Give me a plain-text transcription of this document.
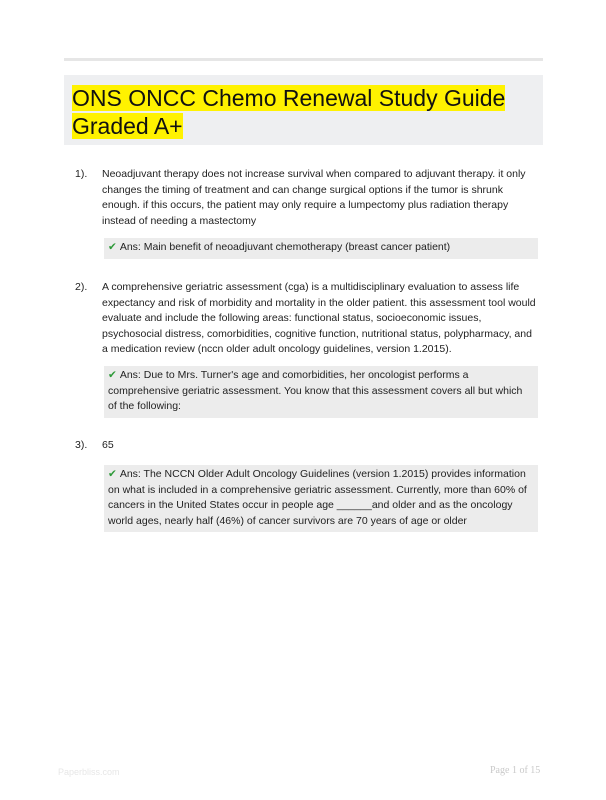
ONS ONCC Chemo Renewal Study Guide Graded A+
1). Neoadjuvant therapy does not increase survival when compared to adjuvant therapy. it only changes the timing of treatment and can change surgical options if the tumor is shrunk enough. if this occurs, the patient may only require a lumpectomy plus radiation therapy instead of needing a mastectomy

✔ Ans: Main benefit of neoadjuvant chemotherapy (breast cancer patient)
2). A comprehensive geriatric assessment (cga) is a multidisciplinary evaluation to assess life expectancy and risk of morbidity and mortality in the older patient. this assessment tool would evaluate and include the following areas: functional status, socioeconomic issues, psychosocial distress, comorbidities, cognitive function, nutritional status, polypharmacy, and a medication review (nccn older adult oncology guidelines, version 1.2015).

✔ Ans: Due to Mrs. Turner's age and comorbidities, her oncologist performs a comprehensive geriatric assessment. You know that this assessment covers all but which of the following:
3). 65

✔ Ans: The NCCN Older Adult Oncology Guidelines (version 1.2015) provides information on what is included in a comprehensive geriatric assessment. Currently, more than 60% of cancers in the United States occur in people age ______and older and as the oncology world ages, nearly half (46%) of cancer survivors are 70 years of age or older
Paperbliss.com	Page 1 of 15
